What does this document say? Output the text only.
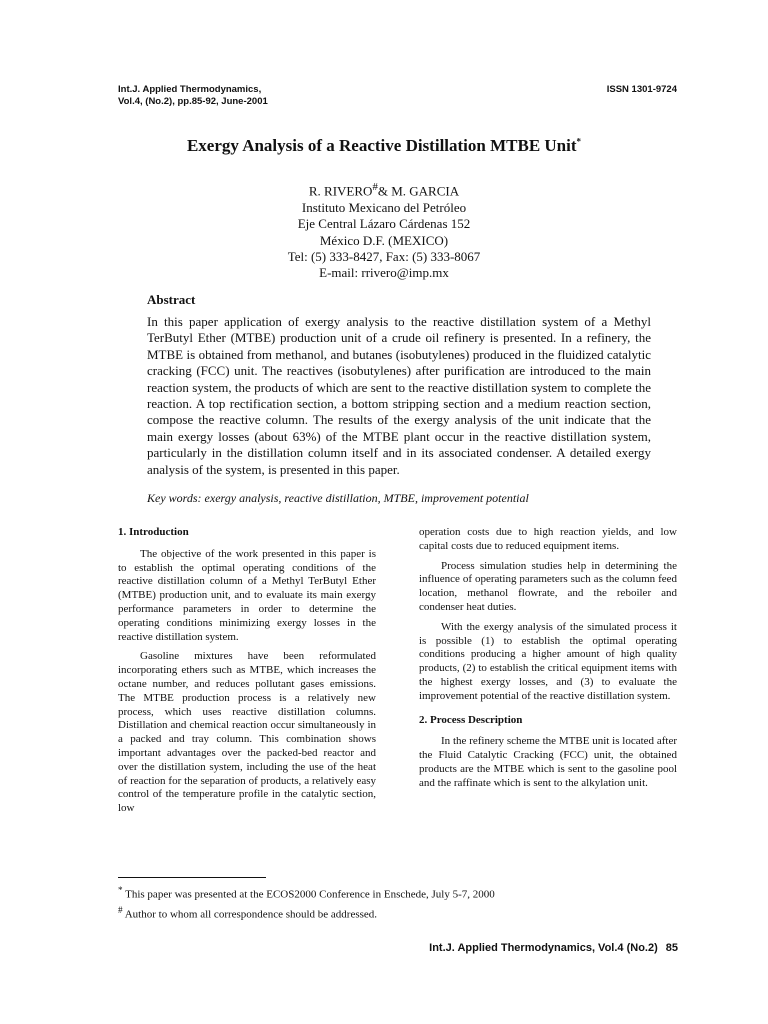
Int.J. Applied Thermodynamics,
Vol.4, (No.2), pp.85-92, June-2001
ISSN 1301-9724
Exergy Analysis of a Reactive Distillation MTBE Unit*
R. RIVERO#& M. GARCIA
Instituto Mexicano del Petróleo
Eje Central Lázaro Cárdenas 152
México D.F. (MEXICO)
Tel: (5) 333-8427, Fax: (5) 333-8067
E-mail: rrivero@imp.mx
Abstract

In this paper application of exergy analysis to the reactive distillation system of a Methyl TerButyl Ether (MTBE) production unit of a crude oil refinery is presented. In a refinery, the MTBE is obtained from methanol, and butanes (isobutylenes) produced in the fluidized catalytic cracking (FCC) unit. The reactives (isobutylenes) after purification are introduced to the main reaction system, the products of which are sent to the reactive distillation system to complete the reaction. A top rectification section, a bottom stripping section and a medium reaction section, compose the reactive column. The results of the exergy analysis of the unit indicate that the main exergy losses (about 63%) of the MTBE plant occur in the reactive distillation system, particularly in the distillation column itself and in its associated condenser. A detailed exergy analysis of the system, is presented in this paper.

Key words: exergy analysis, reactive distillation, MTBE, improvement potential
1. Introduction

The objective of the work presented in this paper is to establish the optimal operating conditions of the reactive distillation column of a Methyl TerButyl Ether (MTBE) production unit, and to evaluate its main exergy performance parameters in order to determine the operating conditions minimizing exergy losses in the reactive distillation system.

Gasoline mixtures have been reformulated incorporating ethers such as MTBE, which increases the octane number, and reduces pollutant gases emissions. The MTBE production process is a relatively new process, which uses reactive distillation columns. Distillation and chemical reaction occur simultaneously in a packed and tray column. This combination shows important advantages over the packed-bed reactor and over the distillation system, including the use of the heat of reaction for the separation of products, a relatively easy control of the temperature profile in the catalytic section, low

operation costs due to high reaction yields, and low capital costs due to reduced equipment items.

Process simulation studies help in determining the influence of operating parameters such as the column feed location, methanol flowrate, and the reboiler and condenser heat duties.

With the exergy analysis of the simulated process it is possible (1) to establish the optimal operating conditions producing a higher amount of high quality products, (2) to establish the critical equipment items with the highest exergy losses, and (3) to evaluate the improvement potential of the reactive distillation system.

2. Process Description

In the refinery scheme the MTBE unit is located after the Fluid Catalytic Cracking (FCC) unit, the obtained products are the MTBE which is sent to the gasoline pool and the raffinate which is sent to the alkylation unit.

* This paper was presented at the ECOS2000 Conference in Enschede, July 5-7, 2000
# Author to whom all correspondence should be addressed.
Int.J. Applied Thermodynamics, Vol.4 (No.2) 85
